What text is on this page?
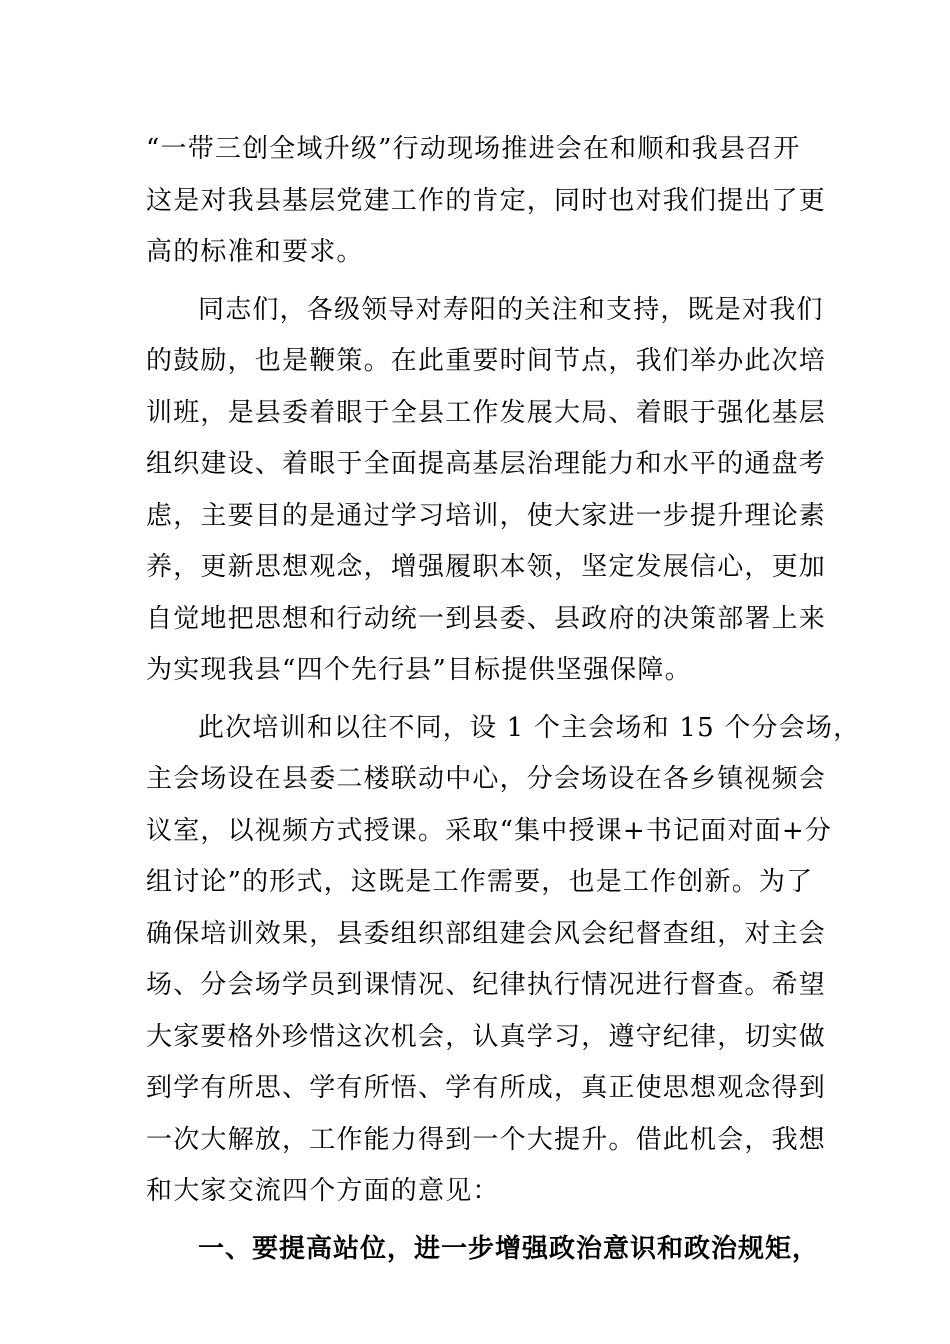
“一带三创全域升级”行动现场推进会在和顺和我县召开
这是对我县基层党建工作的肯定，同时也对我们提出了更
高的标准和要求。
同志们，各级领导对寿阳的关注和支持，既是对我们
的鼓励，也是鞭策。在此重要时间节点，我们举办此次培
训班，是县委着眼于全县工作发展大局、着眼于强化基层
组织建设、着眼于全面提高基层治理能力和水平的通盘考
虑，主要目的是通过学习培训，使大家进一步提升理论素
养，更新思想观念，增强履职本领，坚定发展信心，更加
自觉地把思想和行动统一到县委、县政府的决策部署上来
为实现我县“四个先行县”目标提供坚强保障。
此次培训和以往不同，设 1 个主会场和 15 个分会场，
主会场设在县委二楼联动中心，分会场设在各乡镇视频会
议室，以视频方式授课。采取“集中授课+书记面对面+分
组讨论”的形式，这既是工作需要，也是工作创新。为了
确保培训效果，县委组织部组建会风会纪督查组，对主会
场、分会场学员到课情况、纪律执行情况进行督查。希望
大家要格外珍惜这次机会，认真学习，遵守纪律，切实做
到学有所思、学有所悟、学有所成，真正使思想观念得到
一次大解放，工作能力得到一个大提升。借此机会，我想
和大家交流四个方面的意见：
一、要提高站位，进一步增强政治意识和政治规矩，
